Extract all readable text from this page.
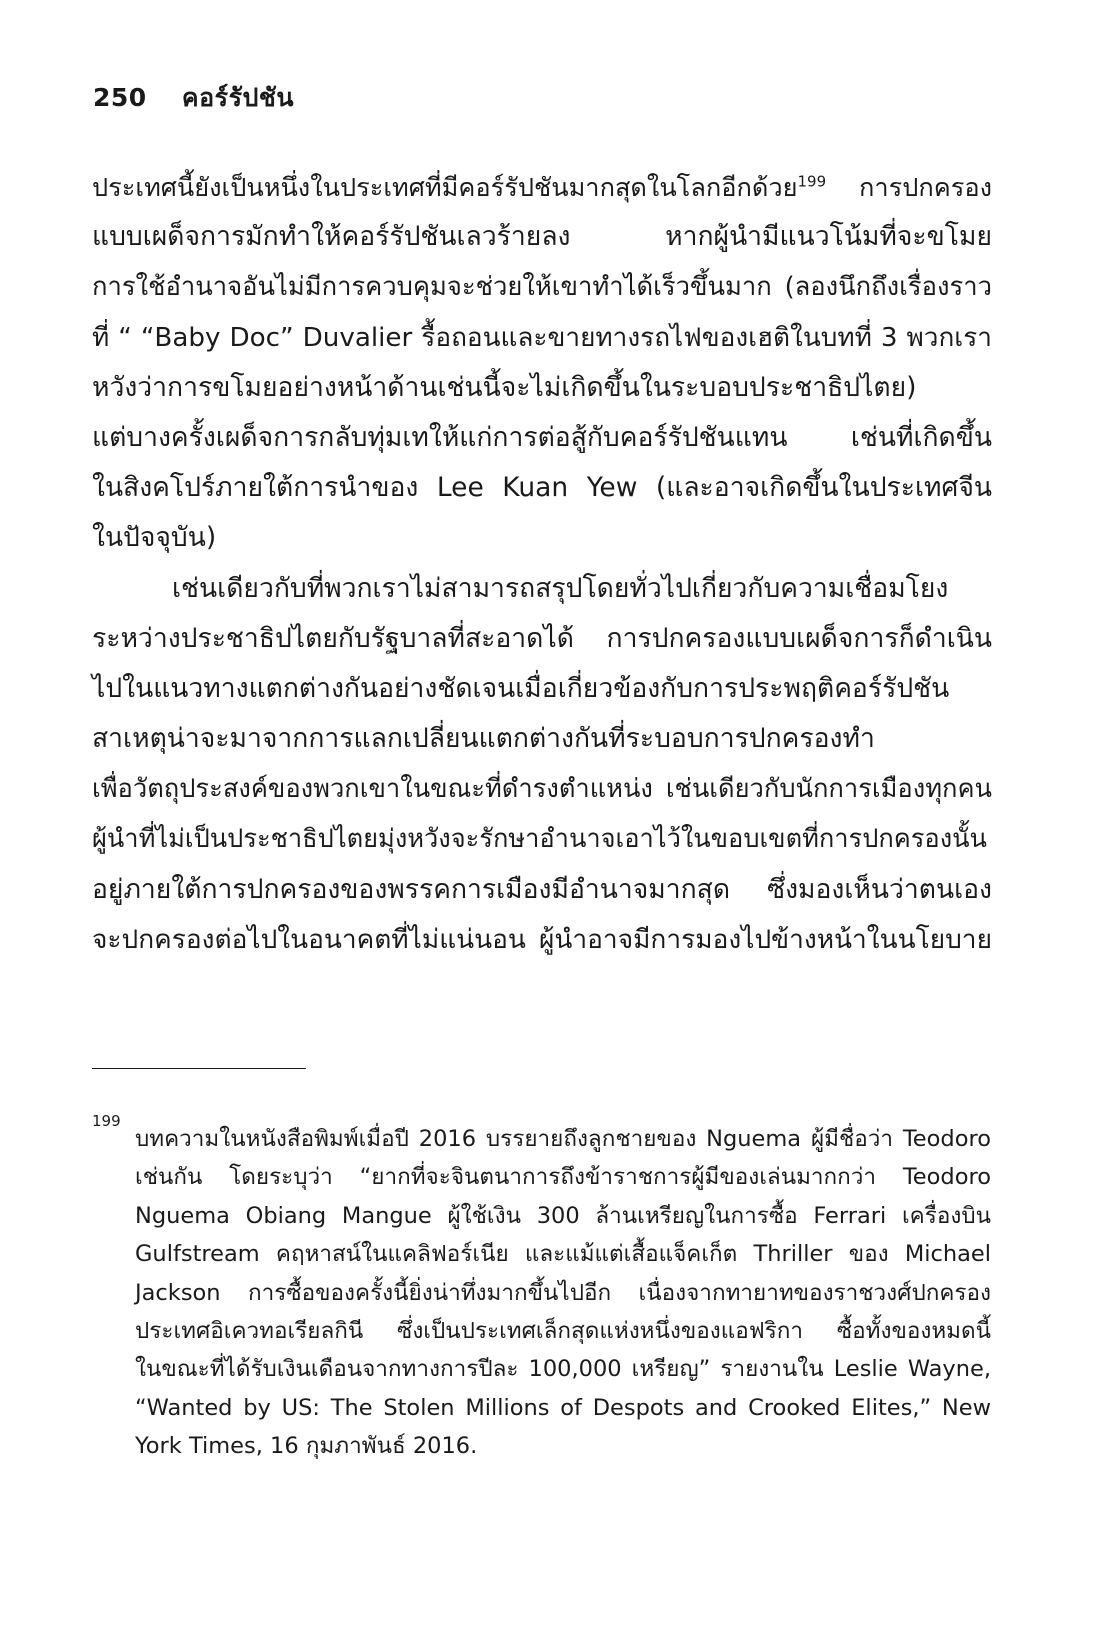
250 คอร์รัปชัน
ประเทศนี้ยังเป็นหนึ่งในประเทศที่มีคอร์รัปชันมากสุดในโลกอีกด้วย$^{199}$ การปกครอง
แบบเผด็จการมักทำให้คอร์รัปชันเลวร้ายลง หากผู้นำมีแนวโน้มที่จะขโมย
การใช้อำนาจอันไม่มีการควบคุมจะช่วยให้เขาทำได้เร็วขึ้นมาก (ลองนึกถึงเรื่องราว
ที่ “ “Baby Doc” Duvalier รื้อถอนและขายทางรถไฟของเฮติในบทที่ 3 พวกเรา
หวังว่าการขโมยอย่างหน้าด้านเช่นนี้จะไม่เกิดขึ้นในระบอบประชาธิปไตย)
แต่บางครั้งเผด็จการกลับทุ่มเทให้แก่การต่อสู้กับคอร์รัปชันแทน เช่นที่เกิดขึ้น
ในสิงคโปร์ภายใต้การนำของ Lee Kuan Yew (และอาจเกิดขึ้นในประเทศจีน
ในปัจจุบัน)
เช่นเดียวกับที่พวกเราไม่สามารถสรุปโดยทั่วไปเกี่ยวกับความเชื่อมโยง
ระหว่างประชาธิปไตยกับรัฐบาลที่สะอาดได้ การปกครองแบบเผด็จการก็ดำเนิน
ไปในแนวทางแตกต่างกันอย่างชัดเจนเมื่อเกี่ยวข้องกับการประพฤติคอร์รัปชัน
สาเหตุน่าจะมาจากการแลกเปลี่ยนแตกต่างกันที่ระบอบการปกครองทำ
เพื่อวัตถุประสงค์ของพวกเขาในขณะที่ดำรงตำแหน่ง เช่นเดียวกับนักการเมืองทุกคน
ผู้นำที่ไม่เป็นประชาธิปไตยมุ่งหวังจะรักษาอำนาจเอาไว้ในขอบเขตที่การปกครองนั้น
อยู่ภายใต้การปกครองของพรรคการเมืองมีอำนาจมากสุด ซึ่งมองเห็นว่าตนเอง
จะปกครองต่อไปในอนาคตที่ไม่แน่นอน ผู้นำอาจมีการมองไปข้างหน้าในนโยบาย
199
บทความในหนังสือพิมพ์เมื่อปี 2016 บรรยายถึงลูกชายของ Nguema ผู้มีชื่อว่า Teodoro
เช่นกัน โดยระบุว่า “ยากที่จะจินตนาการถึงข้าราชการผู้มีของเล่นมากกว่า Teodoro
Nguema Obiang Mangue ผู้ใช้เงิน 300 ล้านเหรียญในการซื้อ Ferrari เครื่องบิน
Gulfstream คฤหาสน์ในแคลิฟอร์เนีย และแม้แต่เสื้อแจ็คเก็ต Thriller ของ Michael
Jackson การซื้อของครั้งนี้ยิ่งน่าทึ่งมากขึ้นไปอีก เนื่องจากทายาทของราชวงศ์ปกครอง
ประเทศอิเควทอเรียลกินี ซึ่งเป็นประเทศเล็กสุดแห่งหนึ่งของแอฟริกา ซื้อทั้งของหมดนี้
ในขณะที่ได้รับเงินเดือนจากทางการปีละ 100,000 เหรียญ” รายงานใน Leslie Wayne,
“Wanted by US: The Stolen Millions of Despots and Crooked Elites,” New
York Times, 16 กุมภาพันธ์ 2016.
